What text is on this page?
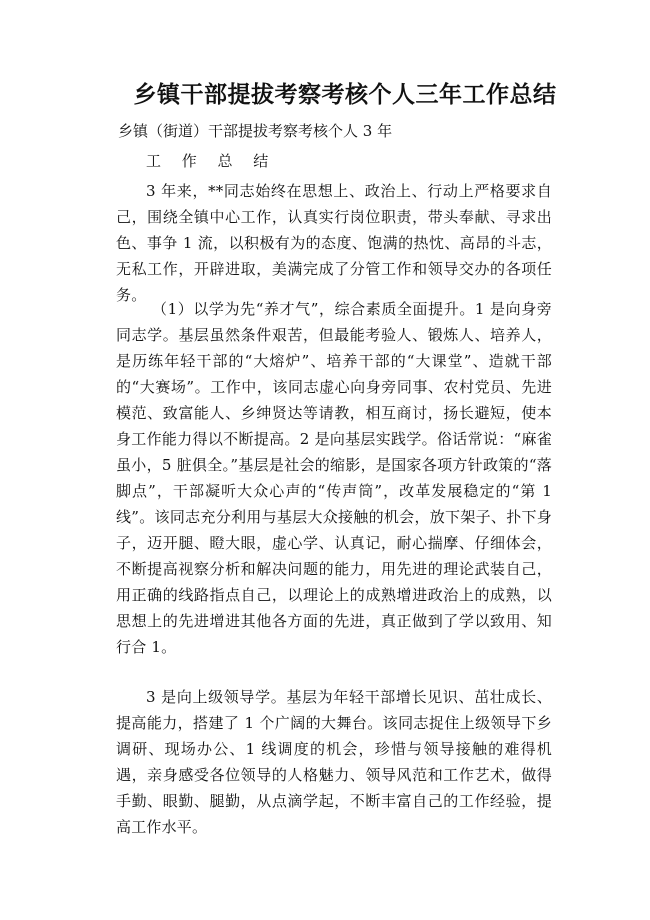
乡镇干部提拔考察考核个人三年工作总结

乡镇（街道）干部提拔考察考核个人 3 年

工 作 总 结

3 年来，**同志始终在思想上、政治上、行动上严格要求自己，围绕全镇中心工作，认真实行岗位职责，带头奉献、寻求出色、事争 1 流，以积极有为的态度、饱满的热忱、高昂的斗志，无私工作，开辟进取，美满完成了分管工作和领导交办的各项任务。

（1）以学为先“养才气”，综合素质全面提升。1 是向身旁同志学。基层虽然条件艰苦，但最能考验人、锻炼人、培养人，是历练年轻干部的“大熔炉”、培养干部的“大课堂”、造就干部的“大赛场”。工作中，该同志虚心向身旁同事、农村党员、先进模范、致富能人、乡绅贤达等请教，相互商讨，扬长避短，使本身工作能力得以不断提高。2 是向基层实践学。俗话常说：“麻雀虽小，5 脏俱全。”基层是社会的缩影，是国家各项方针政策的“落脚点”，干部凝听大众心声的“传声筒”，改革发展稳定的“第 1 线”。该同志充分利用与基层大众接触的机会，放下架子、扑下身子，迈开腿、瞪大眼，虚心学、认真记，耐心揣摩、仔细体会，不断提高视察分析和解决问题的能力，用先进的理论武装自己，用正确的线路指点自己，以理论上的成熟增进政治上的成熟，以思想上的先进增进其他各方面的先进，真正做到了学以致用、知行合 1。

3 是向上级领导学。基层为年轻干部增长见识、茁壮成长、提高能力，搭建了 1 个广阔的大舞台。该同志捉住上级领导下乡调研、现场办公、1 线调度的机会，珍惜与领导接触的难得机遇，亲身感受各位领导的人格魅力、领导风范和工作艺术，做得手勤、眼勤、腿勤，从点滴学起，不断丰富自己的工作经验，提高工作水平。
